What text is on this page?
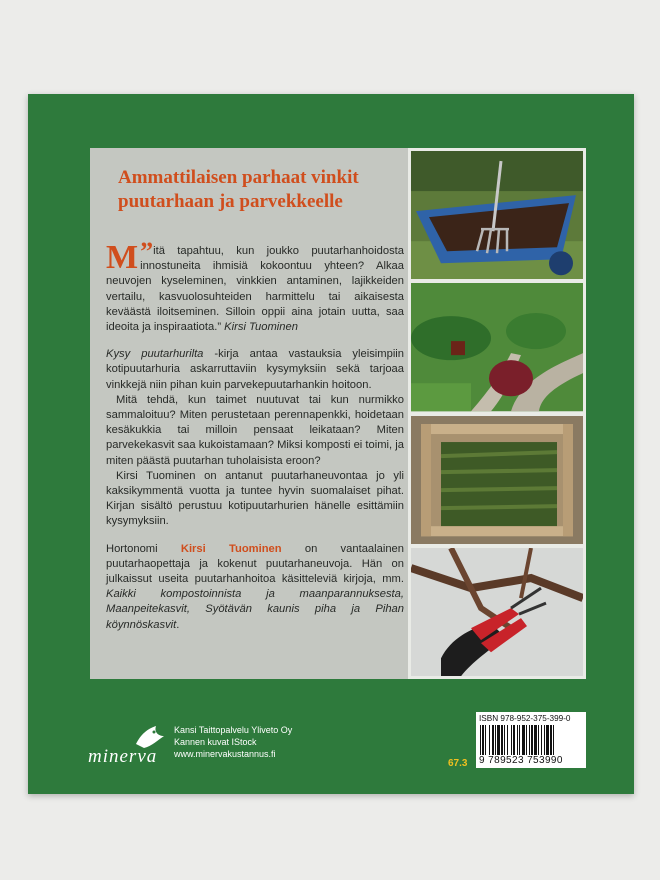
Ammattilaisen parhaat vinkit
puutarhaan ja parvekkeelle

”
M itä tapahtuu, kun joukko puutarhanhoidosta innostuneita ihmisiä kokoontuu yhteen? Alkaa neuvojen kyseleminen, vinkkien antaminen, lajikkeiden vertailu, kasvuolosuhteiden harmittelu tai aikaisesta keväästä iloitseminen. Silloin oppii aina jotain uutta, saa ideoita ja inspiraatiota.” Kirsi Tuominen

Kysy puutarhurilta -kirja antaa vastauksia yleisimpiin kotipuutarhuria askarruttaviin kysymyksiin sekä tarjoaa vinkkejä niin pihan kuin parvekepuutarhankin hoitoon.

Mitä tehdä, kun taimet nuutuvat tai kun nurmikko sammaloituu? Miten perustetaan perennapenkki, hoidetaan kesäkukkia tai milloin pensaat leikataan? Miten parvekekasvit saa kukoistamaan? Miksi komposti ei toimi, ja miten päästä puutarhan tuholaisista eroon?

Kirsi Tuominen on antanut puutarhaneuvontaa jo yli kaksikymmentä vuotta ja tuntee hyvin suomalaiset pihat. Kirjan sisältö perustuu kotipuutarhurien hänelle esittämiin kysymyksiin.

Hortonomi Kirsi Tuominen on vantaalainen puutarhaopettaja ja kokenut puutarhaneuvoja. Hän on julkaissut useita puutarhanhoitoa käsitteleviä kirjoja, mm. Kaikki kompostoinnista ja maanparannuksesta, Maanpeitekasvit, Syötävän kaunis piha ja Pihan köynnöskasvit.

minerva
Kansi Taittopalvelu Yliveto Oy
Kannen kuvat IStock
www.minervakustannus.fi
67.3
ISBN 978-952-375-399-0
9 789523 753990
